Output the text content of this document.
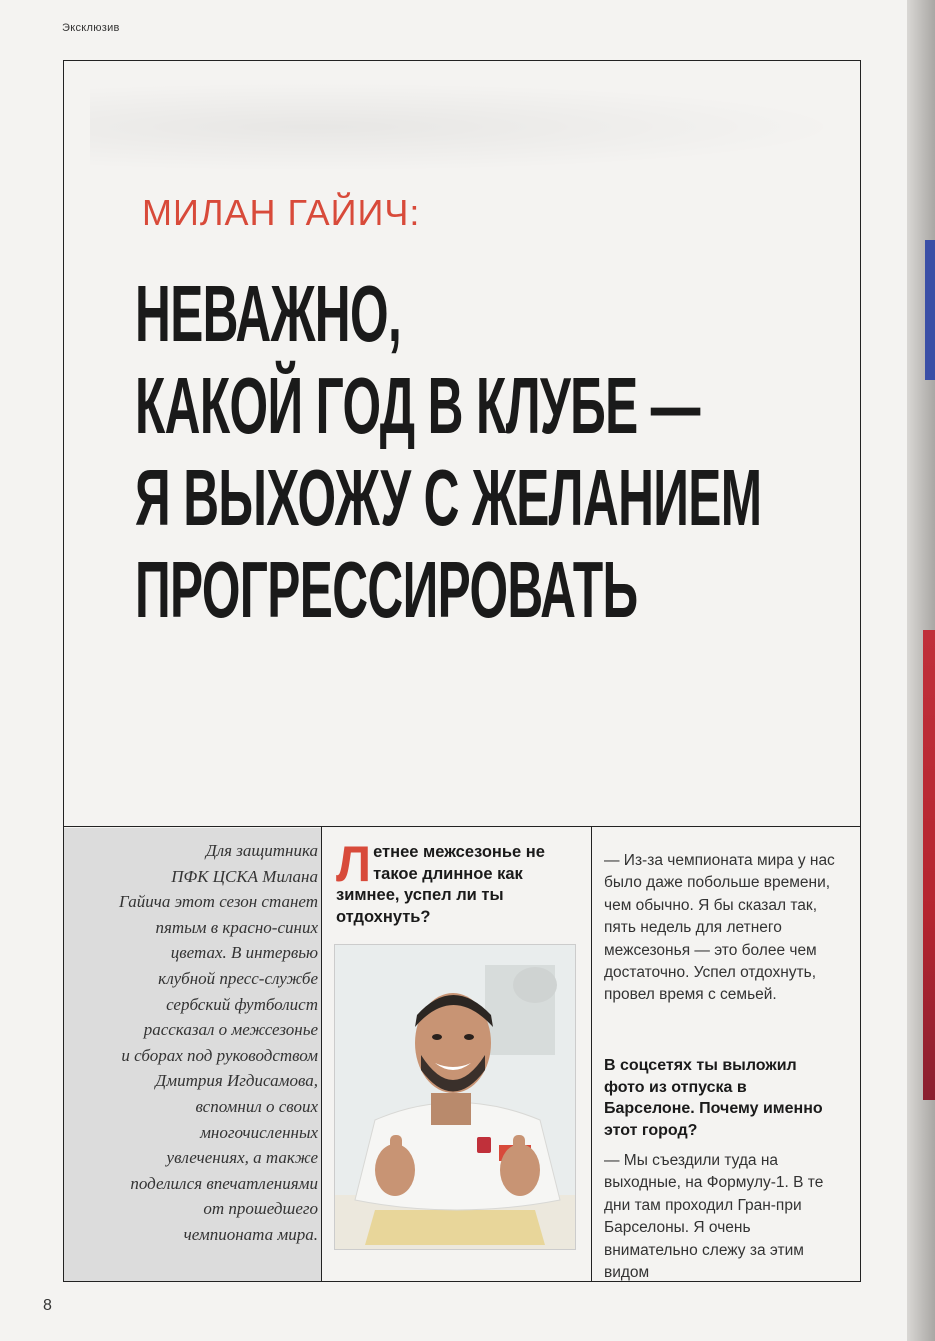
Эксклюзив
МИЛАН ГАЙИЧ:
НЕВАЖНО,
КАКОЙ ГОД В КЛУБЕ —
Я ВЫХОЖУ С ЖЕЛАНИЕМ
ПРОГРЕССИРОВАТЬ
Для защитника
ПФК ЦСКА Милана
Гайича этот сезон станет
пятым в красно-синих
цветах. В интервью
клубной пресс-службе
сербский футболист
рассказал о межсезонье
и сборах под руководством
Дмитрия Игдисамова,
вспомнил о своих
многочисленных
увлечениях, а также
поделился впечатлениями
от прошедшего
чемпионата мира.
Летнее межсезонье не такое длинное как зимнее, успел ли ты отдохнуть?
— Из-за чемпионата мира у нас было даже побольше времени, чем обычно. Я бы сказал так, пять недель для летнего межсезонья — это более чем достаточно. Успел отдохнуть, провел время с семьей.
В соцсетях ты выложил фото из отпуска в Барселоне. Почему именно этот город?
— Мы съездили туда на выходные, на Формулу-1. В те дни там проходил Гран-при Барселоны. Я очень внимательно слежу за этим видом
8
